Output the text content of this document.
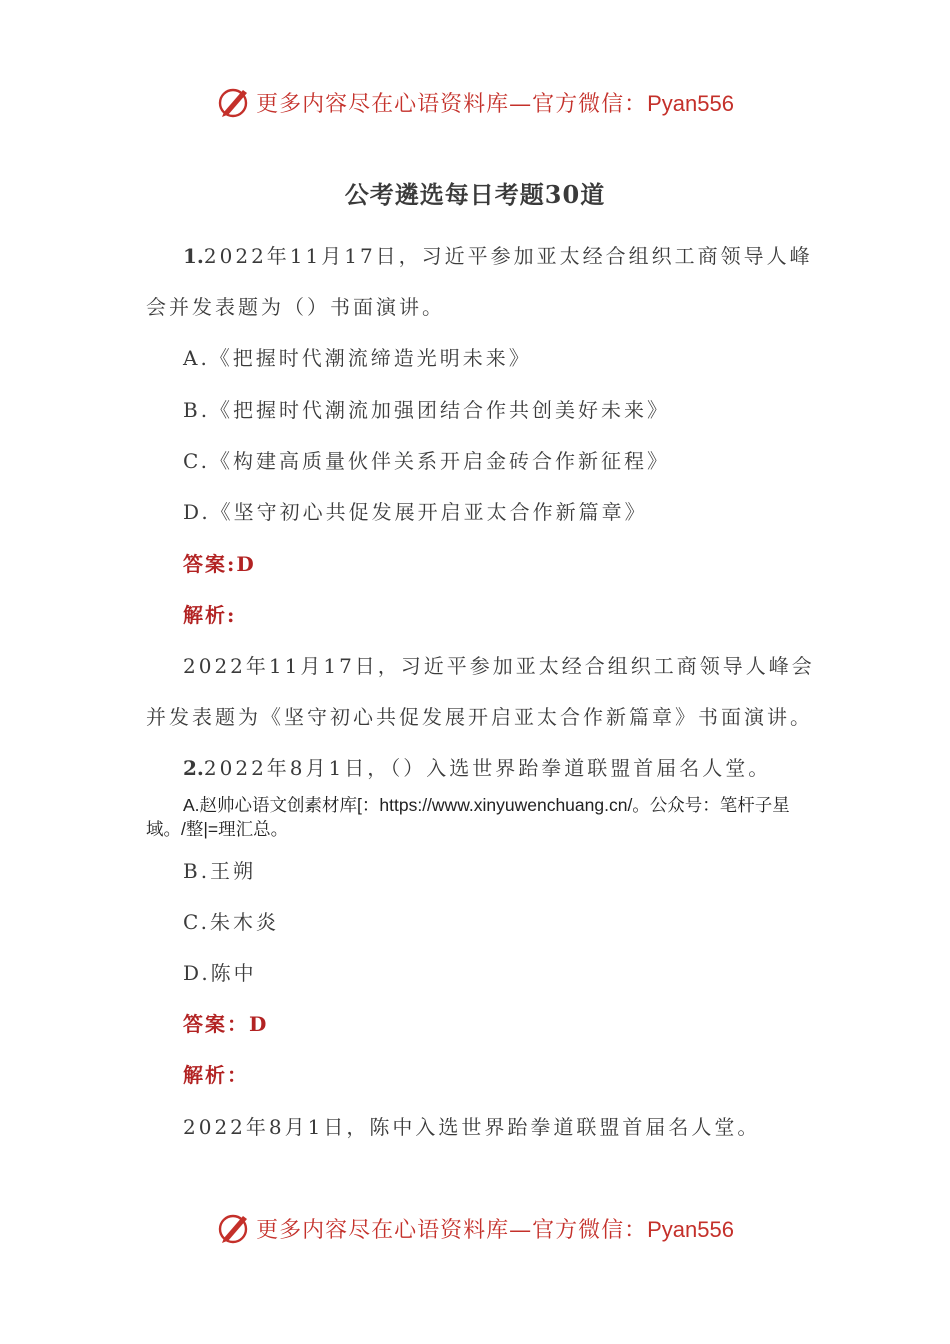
更多内容尽在心语资料库—官方微信：Pyan556
公考遴选每日考题30道
1.2022年11月17日，习近平参加亚太经合组织工商领导人峰
会并发表题为（）书面演讲。
A.《把握时代潮流缔造光明未来》
B.《把握时代潮流加强团结合作共创美好未来》
C.《构建高质量伙伴关系开启金砖合作新征程》
D.《坚守初心共促发展开启亚太合作新篇章》
答案:D
解析:
2022年11月17日，习近平参加亚太经合组织工商领导人峰会
并发表题为《坚守初心共促发展开启亚太合作新篇章》书面演讲。
2.2022年8月1日，（）入选世界跆拳道联盟首届名人堂。
A.赵帅心语文创素材库[：https://www.xinyuwenchuang.cn/。公众号：笔杆子星域。/整|=理汇总。
B.王朔
C.朱木炎
D.陈中
答案：D
解析：
2022年8月1日，陈中入选世界跆拳道联盟首届名人堂。
更多内容尽在心语资料库—官方微信：Pyan556
